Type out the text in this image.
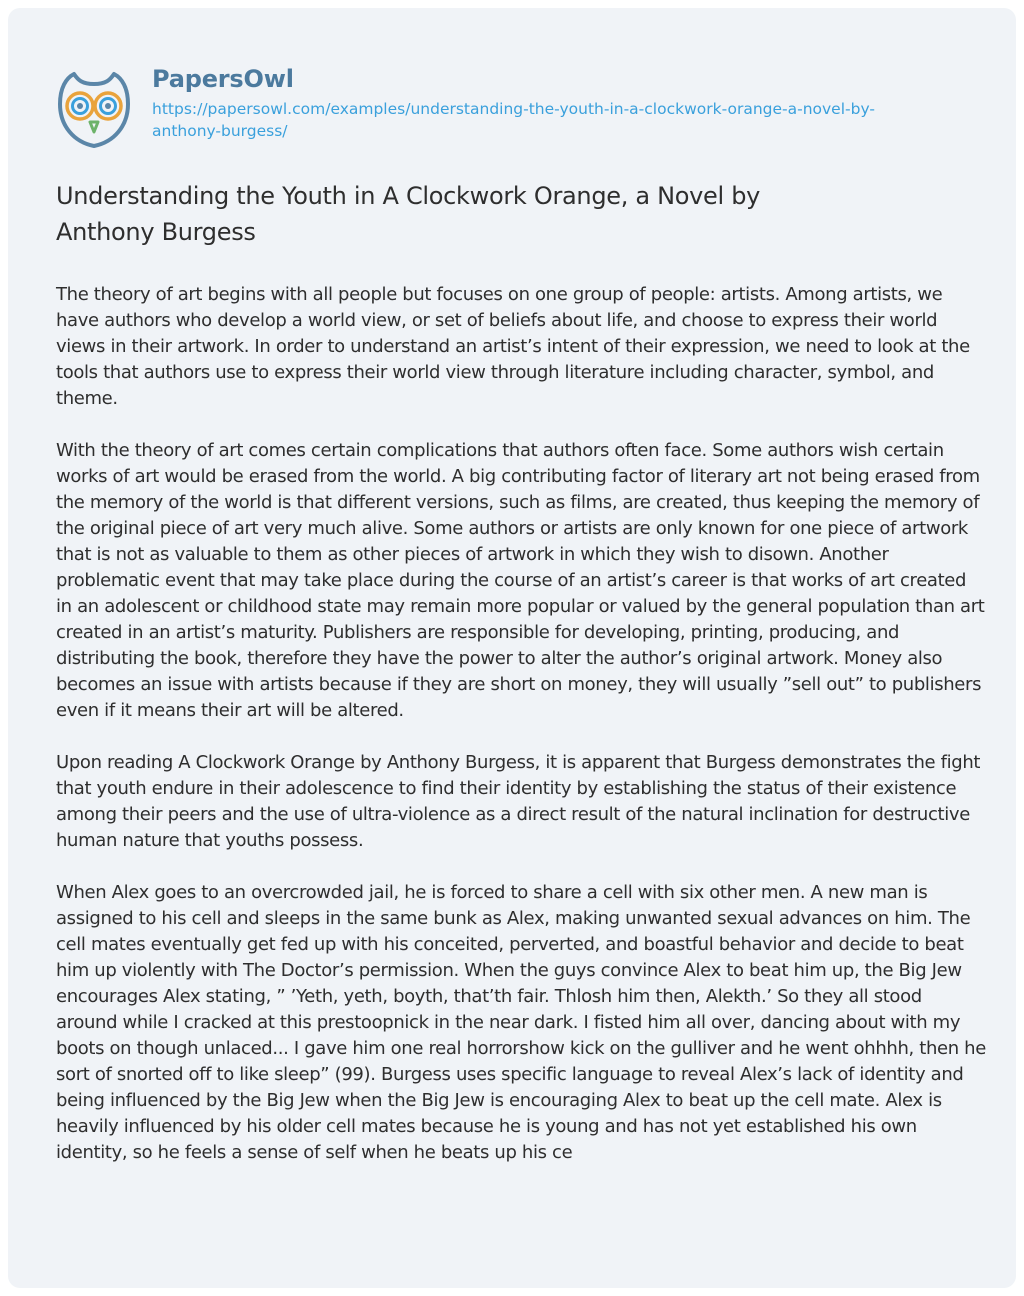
PapersOwl
https://papersowl.com/examples/understanding-the-youth-in-a-clockwork-orange-a-novel-by-
anthony-burgess/
Understanding the Youth in A Clockwork Orange, a Novel by Anthony Burgess

The theory of art begins with all people but focuses on one group of people: artists. Among artists, we have authors who develop a world view, or set of beliefs about life, and choose to express their world views in their artwork. In order to understand an artist’s intent of their expression, we need to look at the tools that authors use to express their world view through literature including character, symbol, and theme.

With the theory of art comes certain complications that authors often face. Some authors wish certain works of art would be erased from the world. A big contributing factor of literary art not being erased from the memory of the world is that different versions, such as films, are created, thus keeping the memory of the original piece of art very much alive. Some authors or artists are only known for one piece of artwork that is not as valuable to them as other pieces of artwork in which they wish to disown. Another problematic event that may take place during the course of an artist’s career is that works of art created in an adolescent or childhood state may remain more popular or valued by the general population than art created in an artist’s maturity. Publishers are responsible for developing, printing, producing, and distributing the book, therefore they have the power to alter the author’s original artwork. Money also becomes an issue with artists because if they are short on money, they will usually ”sell out” to publishers even if it means their art will be altered.

Upon reading A Clockwork Orange by Anthony Burgess, it is apparent that Burgess demonstrates the fight that youth endure in their adolescence to find their identity by establishing the status of their existence among their peers and the use of ultra-violence as a direct result of the natural inclination for destructive human nature that youths possess.

When Alex goes to an overcrowded jail, he is forced to share a cell with six other men. A new man is assigned to his cell and sleeps in the same bunk as Alex, making unwanted sexual advances on him. The cell mates eventually get fed up with his conceited, perverted, and boastful behavior and decide to beat him up violently with The Doctor’s permission. When the guys convince Alex to beat him up, the Big Jew encourages Alex stating, ” ’Yeth, yeth, boyth, that’th fair. Thlosh him then, Alekth.’ So they all stood around while I cracked at this prestoopnick in the near dark. I fisted him all over, dancing about with my boots on though unlaced... I gave him one real horrorshow kick on the gulliver and he went ohhhh, then he sort of snorted off to like sleep” (99). Burgess uses specific language to reveal Alex’s lack of identity and being influenced by the Big Jew when the Big Jew is encouraging Alex to beat up the cell mate. Alex is heavily influenced by his older cell mates because he is young and has not yet established his own identity, so he feels a sense of self when he beats up his ce
